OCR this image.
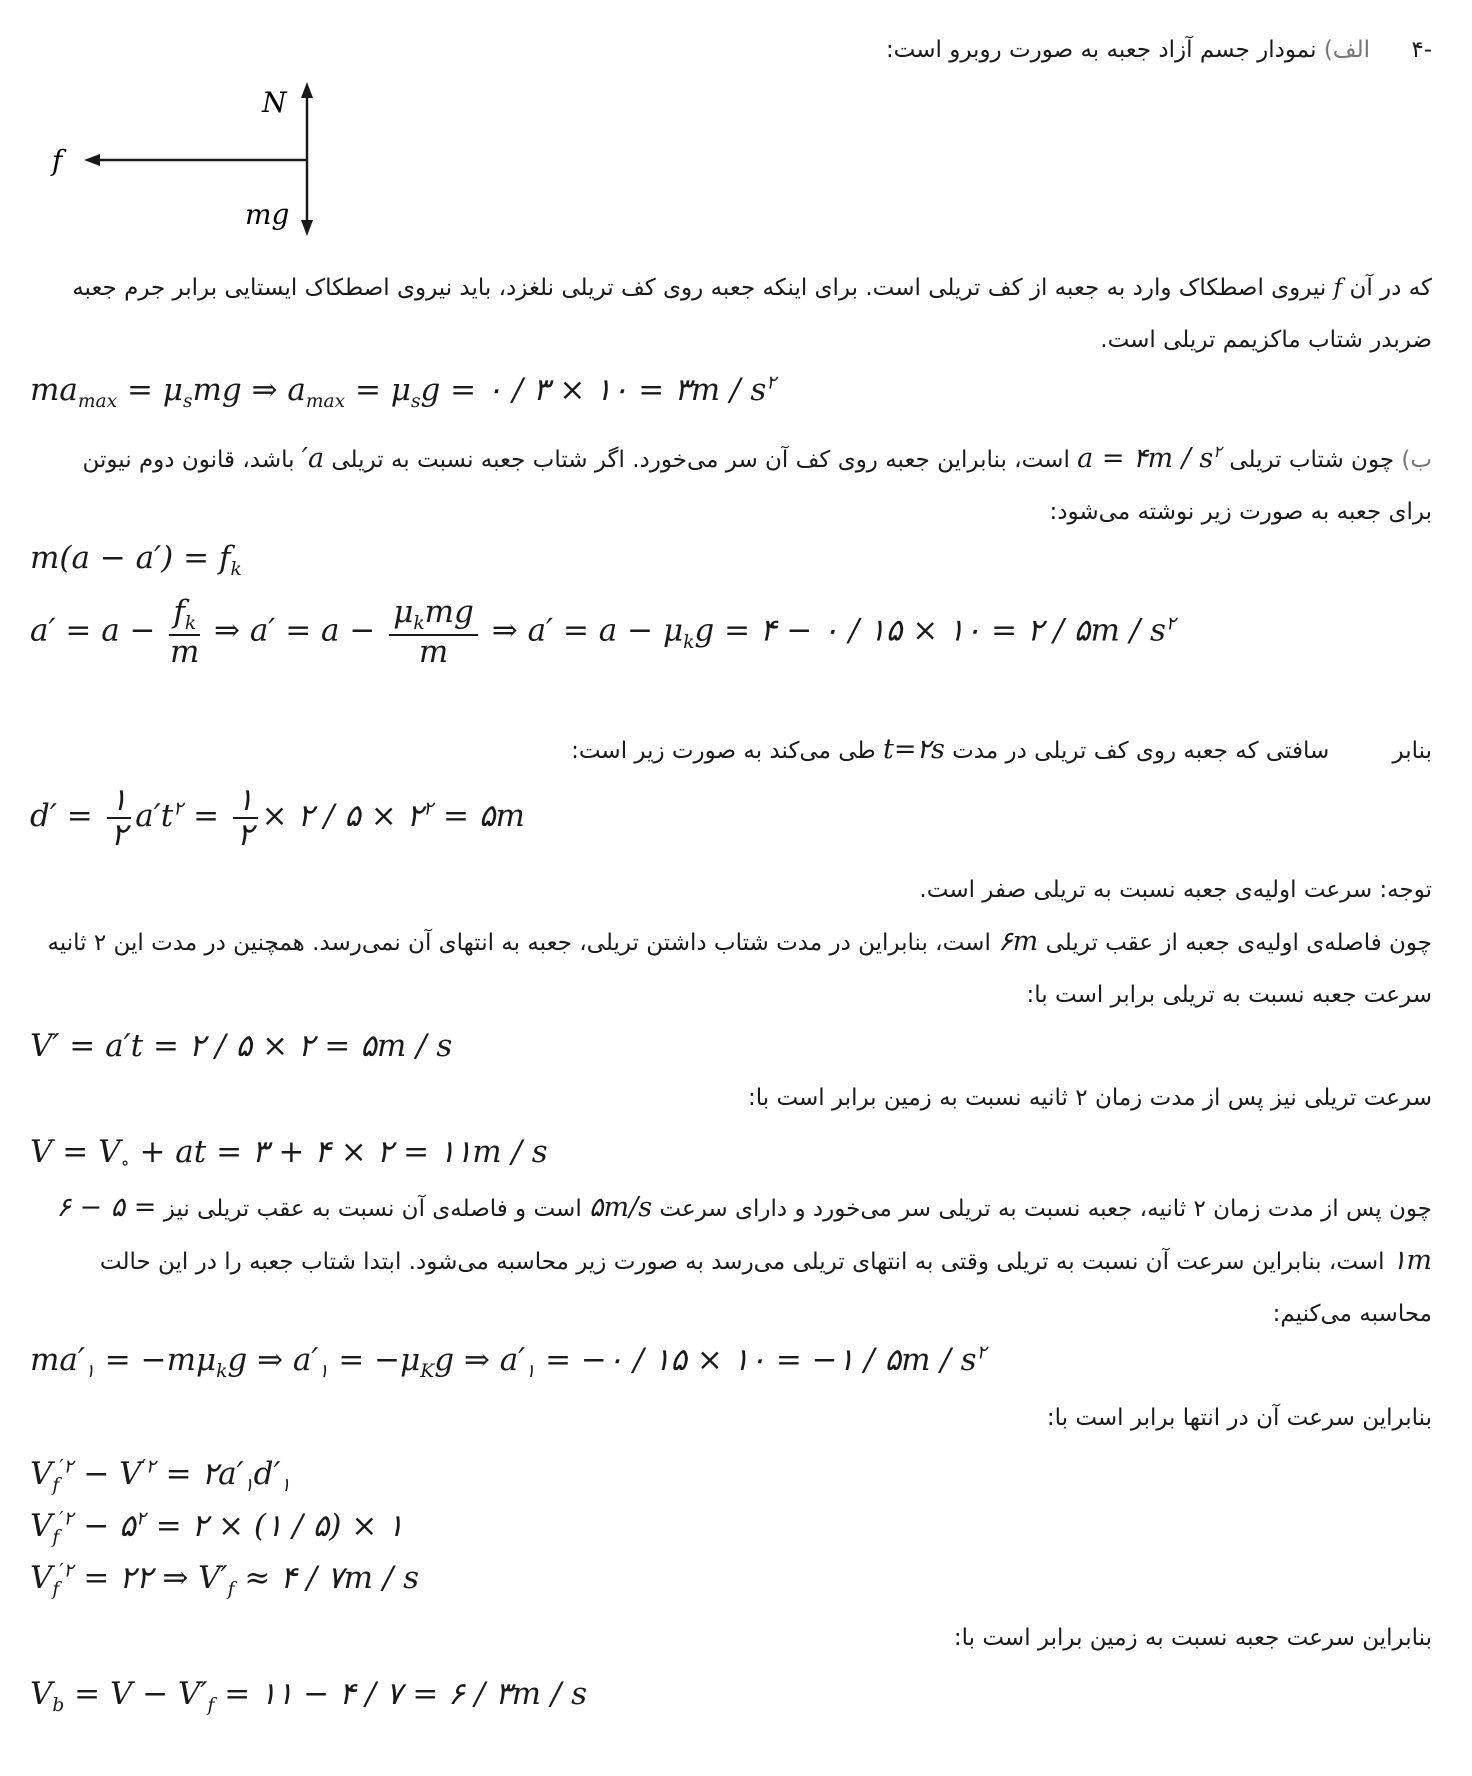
-۴ الف) نمودار جسم آزاد جعبه به صورت روبرو است:
N
f
mg
که در آن f نیروی اصطکاک وارد به جعبه از کف تریلی است. برای اینکه جعبه روی کف تریلی نلغزد، باید نیروی اصطکاک ایستایی برابر جرم جعبه ضربدر شتاب ماکزیمم تریلی است.
$ma_{max} = \mu_smg$ ⇒ $a_{max} = \mu_sg$ = ۰ / ۳ × ۱۰ = ۳m / $s^۲$
ب) چون شتاب تریلی a = ۴m / $s^۲$ است، بنابراین جعبه روی کف آن سر می‌خورد. اگر شتاب جعبه نسبت به تریلی a′ باشد، قانون دوم نیوتن برای جعبه به صورت زیر نوشته می‌شود:
$m(a - a') = f_k$
$a' = a - \frac{f_k}{m}$ ⇒ $a' = a - \frac{\mu_kmg}{m}$ ⇒ $a' = a - \mu_kg$ = ۴ − ۰ / ۱۵ × ۱۰ = ۲ / ۵m / $s^۲$
بنابر سافتی که جعبه روی کف تریلی در مدت t=۲s طی می‌کند به صورت زیر است:
$d' = \frac{۱}{۲} a't^۲ = \frac{۱}{۲}$ × ۲ / ۵ × $۲^۲$ = ۵m
توجه: سرعت اولیه‌ی جعبه نسبت به تریلی صفر است.
چون فاصله‌ی اولیه‌ی جعبه از عقب تریلی ۶m است، بنابراین در مدت شتاب داشتن تریلی، جعبه به انتهای آن نمی‌رسد. همچنین در مدت این ۲ ثانیه سرعت جعبه نسبت به تریلی برابر است با:
V′ = a′t = ۲ / ۵ × ۲ = ۵m / s
سرعت تریلی نیز پس از مدت زمان ۲ ثانیه نسبت به زمین برابر است با:
$V = V_\circ$ + at = ۳ + ۴ × ۲ = ۱۱m / s
چون پس از مدت زمان ۲ ثانیه، جعبه نسبت به تریلی سر می‌خورد و دارای سرعت ۵m/s است و فاصله‌ی آن نسبت به عقب تریلی نیز ۶ − ۵ = ۱m است، بنابراین سرعت آن نسبت به تریلی وقتی به انتهای تریلی می‌رسد به صورت زیر محاسبه می‌شود. ابتدا شتاب جعبه را در این حالت محاسبه می‌کنیم:
$ma'_۱ = -m\mu_kg$ ⇒ $a'_۱ = -\mu_Kg$ ⇒ $a'_۱$ = −۰ / ۱۵ × ۱۰ = −۱ / ۵m / $s^۲$
بنابراین سرعت آن در انتها برابر است با:
$V_f^{'۲} - V^{'۲}$ = $۲a'_۱d'_۱$
$V_f^{'۲}$ − $۵^۲$ = ۲ × (۱ / ۵) × ۱
$V_f^{'۲}$ = ۲۲ ⇒ $V'_f$ ≈ ۴ / ۷m / s
بنابراین سرعت جعبه نسبت به زمین برابر است با:
$V_b = V - V'_f$ = ۱۱ − ۴ / ۷ = ۶ / ۳m / s
